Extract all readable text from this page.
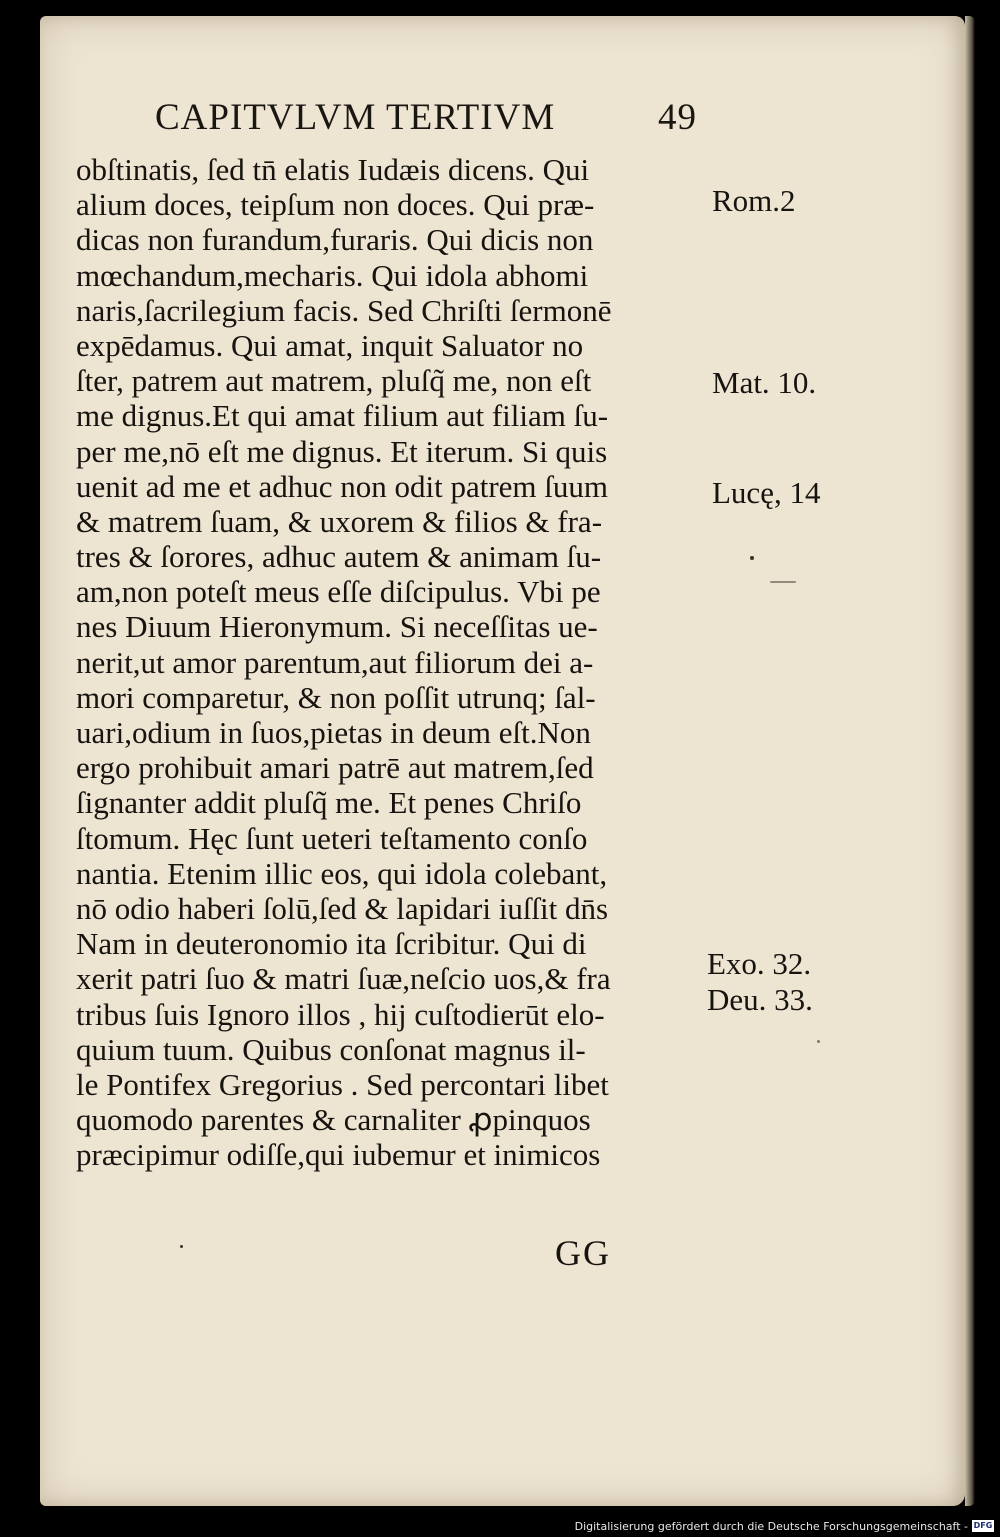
CAPITVLVM TERTIVM	49
obſtinatis, ſed tn̄ elatis Iudæis dicens. Qui
alium doces, teipſum non doces. Qui præ-
dicas non furandum,furaris. Qui dicis non
mœchandum,mecharis. Qui idola abhomi
naris,ſacrilegium facis. Sed Chriſti ſermonē
expēdamus. Qui amat, inquit Saluator no
ſter, patrem aut matrem, pluſq̃ me, non eſt
me dignus.Et qui amat filium aut filiam ſu-
per me,nō eſt me dignus. Et iterum. Si quis
uenit ad me et adhuc non odit patrem ſuum
& matrem ſuam, & uxorem & filios & fra-
tres & ſorores, adhuc autem & animam ſu-
am,non poteſt meus eſſe diſcipulus. Vbi pe
nes Diuum Hieronymum. Si neceſſitas ue-
nerit,ut amor parentum,aut filiorum dei a-
mori comparetur, & non poſſit utrunq; ſal-
uari,odium in ſuos,pietas in deum eſt.Non
ergo prohibuit amari patrē aut matrem,ſed
ſignanter addit pluſq̃ me. Et penes Chriſo
ſtomum. Hęc ſunt ueteri teſtamento conſo
nantia. Etenim illic eos, qui idola colebant,
nō odio haberi ſolū,ſed & lapidari iuſſit dn̄s
Nam in deuteronomio ita ſcribitur. Qui di
xerit patri ſuo & matri ſuæ,neſcio uos,& fra
tribus ſuis Ignoro illos , hĳ cuſtodierūt elo-
quium tuum. Quibus conſonat magnus il-
le Pontifex Gregorius . Sed percontari libet
quomodo parentes & carnaliter ꝓpinquos
præcipimur odiſſe,qui iubemur et inimicos
Rom.2
Mat. 10.
Lucę, 14
Exo. 32.
Deu. 33.
GG
Digitalisierung gefördert durch die Deutsche Forschungsgemeinschaft - DFG
